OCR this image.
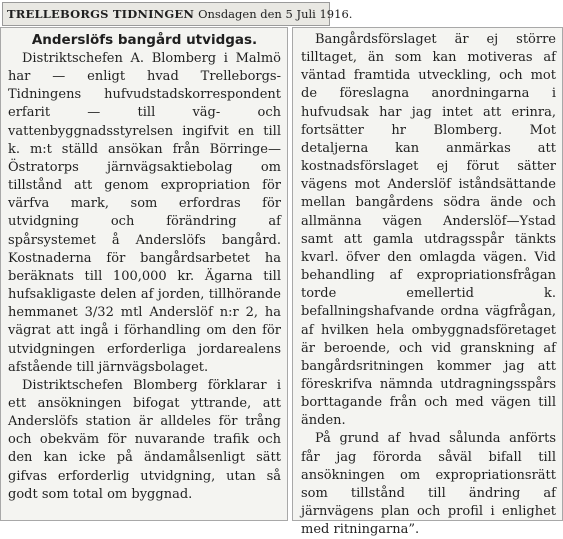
TRELLEBORGS TIDNINGEN Onsdagen den 5 Juli 1916.
Anderslöfs bangård utvidgas.

Distriktschefen A. Blomberg i Malmö har — enligt hvad Trelleborgs-Tidningens hufvudstadskorrespondent erfarit — till väg- och vattenbyggnadsstyrelsen ingifvit en till k. m:t ställd ansökan från Börringe—Östratorps järnvägsaktiebolag om tillstånd att genom expropriation för värfva mark, som erfordras för utvidgning och förändring af spårsystemet å Anderslöfs bangård. Kostnaderna för bangårdsarbetet ha beräknats till 100,000 kr. Ägarna till hufsakligaste delen af jorden, tillhörande hemmanet 3/32 mtl Anderslöf n:r 2, ha vägrat att ingå i förhandling om den för utvidgningen erforderliga jordarealens afstående till järnvägsbolaget.

Distriktschefen Blomberg förklarar i ett ansökningen bifogat yttrande, att Anderslöfs station är alldeles för trång och obekväm för nuvarande trafik och den kan icke på ändamålsenligt sätt gifvas erforderlig utvidgning, utan så godt som total om byggnad.

Bangårdsförslaget är ej större tilltaget, än som kan motiveras af väntad framtida utveckling, och mot de föreslagna anordningarna i hufvudsak har jag intet att erinra, fortsätter hr Blomberg. Mot detaljerna kan anmärkas att kostnadsförslaget ej förut sätter vägens mot Anderslöf iståndsättande mellan bangårdens södra ände och allmänna vägen Anderslöf—Ystad samt att gamla utdragsspår tänkts kvarl. öfver den omlagda vägen. Vid behandling af expropriationsfrågan torde emellertid k. befallningshafvande ordna vägfrågan, af hvilken hela ombyggnadsföretaget är beroende, och vid granskning af bangårdsritningen kommer jag att föreskrifva nämnda utdragningsspårs borttagande från och med vägen till änden.

På grund af hvad sålunda anförts får jag förorda såväl bifall till ansökningen om expropriationsrätt som tillstånd till ändring af järnvägens plan och profil i enlighet med ritningarna”.
